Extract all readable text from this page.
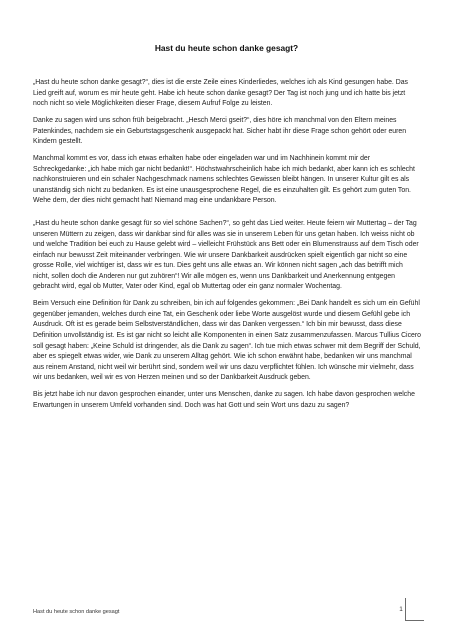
Hast du heute schon danke gesagt?

„Hast du heute schon danke gesagt?“, dies ist die erste Zeile eines Kinderliedes, welches ich als Kind gesungen habe. Das Lied greift auf, worum es mir heute geht. Habe ich heute schon danke gesagt? Der Tag ist noch jung und ich hatte bis jetzt noch nicht so viele Möglichkeiten dieser Frage, diesem Aufruf Folge zu leisten.

Danke zu sagen wird uns schon früh beigebracht. „Hesch Merci gseit?“, dies höre ich manchmal von den Eltern meines Patenkindes, nachdem sie ein Geburtstagsgeschenk ausgepackt hat. Sicher habt ihr diese Frage schon gehört oder euren Kindern gestellt.

Manchmal kommt es vor, dass ich etwas erhalten habe oder eingeladen war und im Nachhinein kommt mir der Schreckgedanke: „ich habe mich gar nicht bedankt!“. Höchstwahrscheinlich habe ich mich bedankt, aber kann ich es schlecht nachkonstruieren und ein schaler Nachgeschmack namens schlechtes Gewissen bleibt hängen. In unserer Kultur gilt es als unanständig sich nicht zu bedanken. Es ist eine unausgesprochene Regel, die es einzuhalten gilt. Es gehört zum guten Ton. Wehe dem, der dies nicht gemacht hat! Niemand mag eine undankbare Person.

„Hast du heute schon danke gesagt für so viel schöne Sachen?“, so geht das Lied weiter. Heute feiern wir Muttertag – der Tag unseren Müttern zu zeigen, dass wir dankbar sind für alles was sie in unserem Leben für uns getan haben. Ich weiss nicht ob und welche Tradition bei euch zu Hause gelebt wird – vielleicht Frühstück ans Bett oder ein Blumenstrauss auf dem Tisch oder einfach nur bewusst Zeit miteinander verbringen. Wie wir unsere Dankbarkeit ausdrücken spielt eigentlich gar nicht so eine grosse Rolle, viel wichtiger ist, dass wir es tun. Dies geht uns alle etwas an. Wir können nicht sagen „ach das betrifft mich nicht, sollen doch die Anderen nur gut zuhören“! Wir alle mögen es, wenn uns Dankbarkeit und Anerkennung entgegen gebracht wird, egal ob Mutter, Vater oder Kind, egal ob Muttertag oder ein ganz normaler Wochentag.

Beim Versuch eine Definition für Dank zu schreiben, bin ich auf folgendes gekommen: „Bei Dank handelt es sich um ein Gefühl gegenüber jemanden, welches durch eine Tat, ein Geschenk oder liebe Worte ausgelöst wurde und diesem Gefühl gebe ich Ausdruck. Oft ist es gerade beim Selbstverständlichen, dass wir das Danken vergessen.“ Ich bin mir bewusst, dass diese Definition unvollständig ist. Es ist gar nicht so leicht alle Komponenten in einen Satz zusammenzufassen. Marcus Tullius Cicero soll gesagt haben: „Keine Schuld ist dringender, als die Dank zu sagen“. Ich tue mich etwas schwer mit dem Begriff der Schuld, aber es spiegelt etwas wider, wie Dank zu unserem Alltag gehört. Wie ich schon erwähnt habe, bedanken wir uns manchmal aus reinem Anstand, nicht weil wir berührt sind, sondern weil wir uns dazu verpflichtet fühlen. Ich wünsche mir vielmehr, dass wir uns bedanken, weil wir es von Herzen meinen und so der Dankbarkeit Ausdruck geben.

Bis jetzt habe ich nur davon gesprochen einander, unter uns Menschen, danke zu sagen. Ich habe davon gesprochen welche Erwartungen in unserem Umfeld vorhanden sind. Doch was hat Gott und sein Wort uns dazu zu sagen?

Hast du heute schon danke gesagt	1
